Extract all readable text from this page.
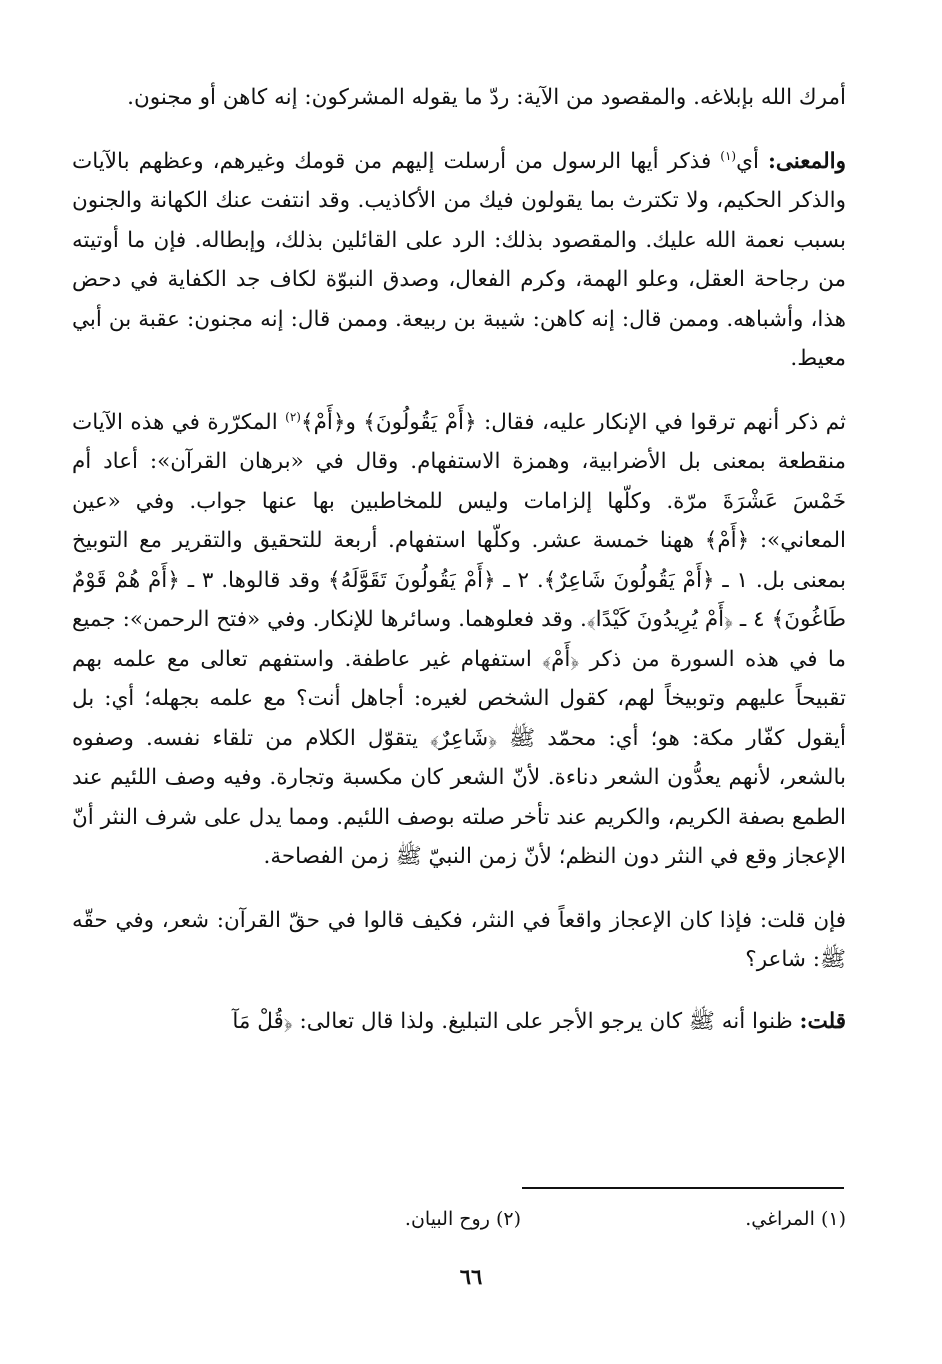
أمرك الله بإبلاغه. والمقصود من الآية: ردّ ما يقوله المشركون: إنه كاهن أو مجنون.

والمعنى: أي$^{(١)}$ فذكر أيها الرسول من أرسلت إليهم من قومك وغيرهم، وعظهم بالآيات والذكر الحكيم، ولا تكترث بما يقولون فيك من الأكاذيب. وقد انتفت عنك الكهانة والجنون بسبب نعمة الله عليك. والمقصود بذلك: الرد على القائلين بذلك، وإبطاله. فإن ما أوتيته من رجاحة العقل، وعلو الهمة، وكرم الفعال، وصدق النبوّة لكاف جد الكفاية في دحض هذا، وأشباهه. وممن قال: إنه كاهن: شيبة بن ربيعة. وممن قال: إنه مجنون: عقبة بن أبي معيط.

ثم ذكر أنهم ترقوا في الإنكار عليه، فقال: ﴿أَمْ يَقُولُونَ﴾ و﴿أَمْ﴾$^{(٢)}$ المكرّرة في هذه الآيات منقطعة بمعنى بل الأضرابية، وهمزة الاستفهام. وقال في «برهان القرآن»: أعاد أم خَمْسَ عَشْرَةَ مرّة. وكلّها إلزامات وليس للمخاطبين بها عنها جواب. وفي «عين المعاني»: ﴿أَمْ﴾ ههنا خمسة عشر. وكلّها استفهام. أربعة للتحقيق والتقرير مع التوبيخ بمعنى بل. ١ ـ ﴿أَمْ يَقُولُونَ شَاعِرٌ﴾. ٢ ـ ﴿أَمْ يَقُولُونَ تَقَوَّلَهُ﴾ وقد قالوها. ٣ ـ ﴿أَمْ هُمْ قَوْمٌ طَاغُونَ﴾ ٤ ـ ﴿أَمْ يُرِيدُونَ كَيْدًا﴾. وقد فعلوهما. وسائرها للإنكار. وفي «فتح الرحمن»: جميع ما في هذه السورة من ذكر ﴿أَمْ﴾ استفهام غير عاطفة. واستفهم تعالى مع علمه بهم تقبيحاً عليهم وتوبيخاً لهم، كقول الشخص لغيره: أجاهل أنت؟ مع علمه بجهله؛ أي: بل أيقول كفّار مكة: هو؛ أي: محمّد ﷺ ﴿شَاعِرٌ﴾ يتقوّل الكلام من تلقاء نفسه. وصفوه بالشعر، لأنهم يعدُّون الشعر دناءة. لأنّ الشعر كان مكسبة وتجارة. وفيه وصف اللئيم عند الطمع بصفة الكريم، والكريم عند تأخر صلته بوصف اللئيم. ومما يدل على شرف النثر أنّ الإعجاز وقع في النثر دون النظم؛ لأنّ زمن النبيّ ﷺ زمن الفصاحة.

فإن قلت: فإذا كان الإعجاز واقعاً في النثر، فكيف قالوا في حقّ القرآن: شعر، وفي حقّه ﷺ: شاعر؟

قلت: ظنوا أنه ﷺ كان يرجو الأجر على التبليغ. ولذا قال تعالى: ﴿قُلْ مَآ

(١) المراغي.
(٢) روح البيان.
٦٦
